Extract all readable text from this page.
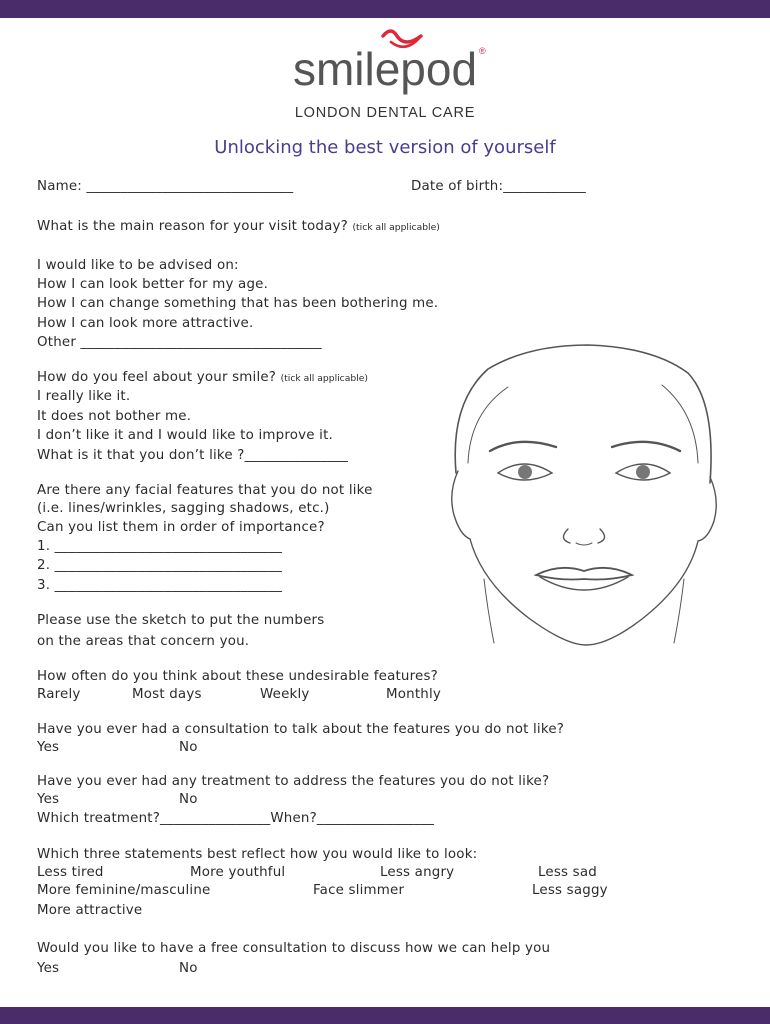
smilepod ®
LONDON DENTAL CARE
Unlocking the best version of yourself
Name: ______________________________	Date of birth:____________
What is the main reason for your visit today? (tick all applicable)
I would like to be advised on:
How I can look better for my age.
How I can change something that has been bothering me.
How I can look more attractive.
Other ___________________________________
How do you feel about your smile? (tick all applicable)
I really like it.
It does not bother me.
I don’t like it and I would like to improve it.
What is it that you don’t like ?_______________
Are there any facial features that you do not like
(i.e. lines/wrinkles, sagging shadows, etc.)
Can you list them in order of importance?
1. _________________________________
2. _________________________________
3. _________________________________
Please use the sketch to put the numbers
on the areas that concern you.
How often do you think about these undesirable features?
Rarely	Most days	Weekly	Monthly
Have you ever had a consultation to talk about the features you do not like?
Yes	No
Have you ever had any treatment to address the features you do not like?
Yes	No
Which treatment?________________When?_________________
Which three statements best reflect how you would like to look:
Less tired	More youthful	Less angry	Less sad
More feminine/masculine	Face slimmer	Less saggy
More attractive
Would you like to have a free consultation to discuss how we can help you
Yes	No
